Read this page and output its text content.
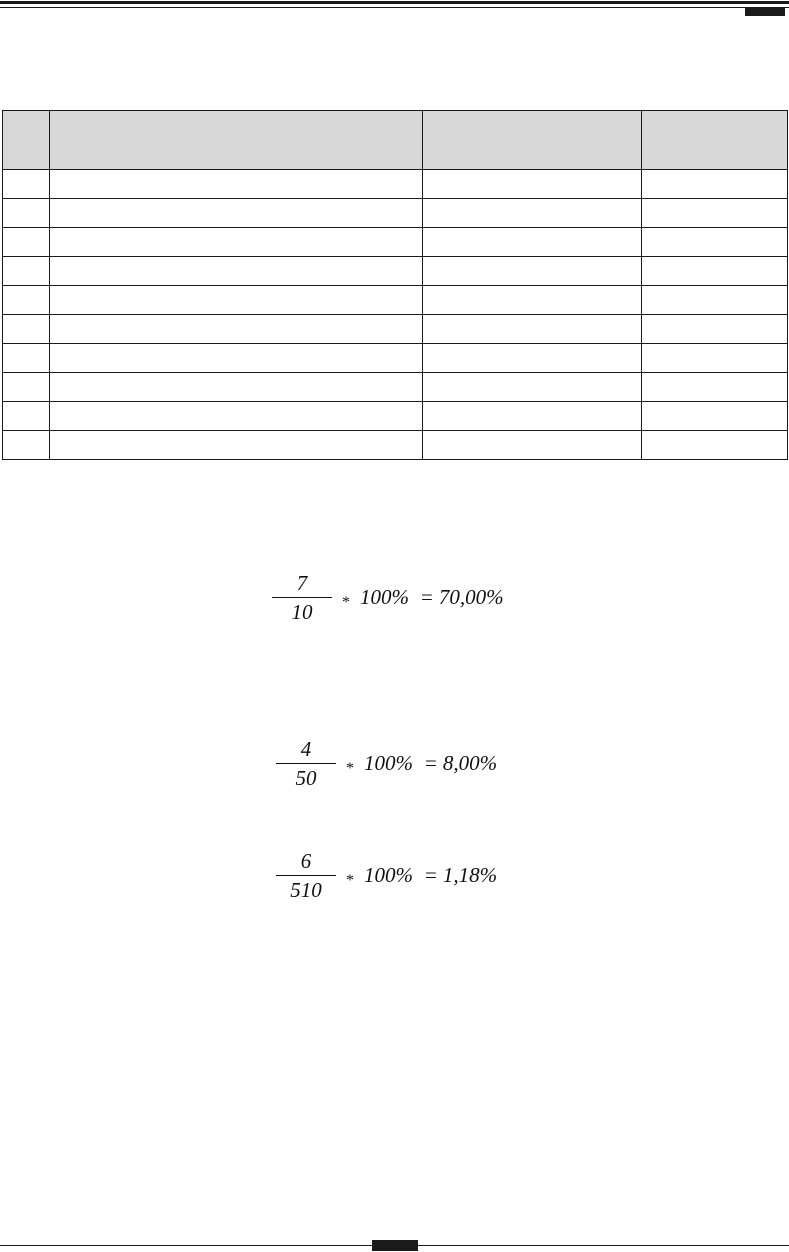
$\frac{7}{10} * 100\% = 70,00\%$
$\frac{4}{50} * 100\% = 8,00\%$
$\frac{6}{510} * 100\% = 1,18\%$
